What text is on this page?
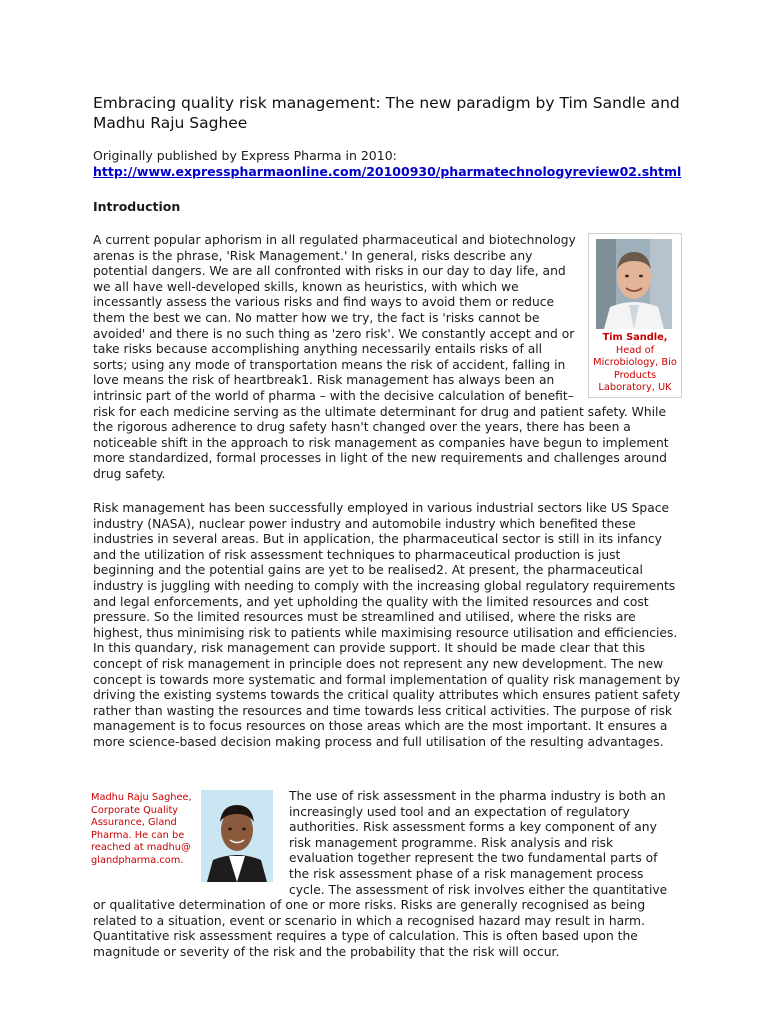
Embracing quality risk management: The new paradigm by Tim Sandle and Madhu Raju Saghee
Originally published by Express Pharma in 2010:
http://www.expresspharmaonline.com/20100930/pharmatechnologyreview02.shtml
Introduction

A current popular aphorism in all regulated pharmaceutical and biotechnology arenas is the phrase, 'Risk Management.' In general, risks describe any potential dangers. We are all confronted with risks in our day to day life, and we all have well-developed skills, known as heuristics, with which we incessantly assess the various risks and find ways to avoid them or reduce them the best we can. No matter how we try, the fact is 'risks cannot be avoided' and there is no such thing as 'zero risk'. We constantly accept and or take risks because accomplishing anything necessarily entails risks of all sorts; using any mode of transportation means the risk of accident, falling in love means the risk of heartbreak1. Risk management has always been an intrinsic part of the world of pharma – with the decisive calculation of benefit–risk for each medicine serving as the ultimate determinant for drug and patient safety. While the rigorous adherence to drug safety hasn't changed over the years, there has been a noticeable shift in the approach to risk management as companies have begun to implement more standardized, formal processes in light of the new requirements and challenges around drug safety.

Risk management has been successfully employed in various industrial sectors like US Space industry (NASA), nuclear power industry and automobile industry which benefited these industries in several areas. But in application, the pharmaceutical sector is still in its infancy and the utilization of risk assessment techniques to pharmaceutical production is just beginning and the potential gains are yet to be realised2. At present, the pharmaceutical industry is juggling with needing to comply with the increasing global regulatory requirements and legal enforcements, and yet upholding the quality with the limited resources and cost pressure. So the limited resources must be streamlined and utilised, where the risks are highest, thus minimising risk to patients while maximising resource utilisation and efficiencies. In this quandary, risk management can provide support. It should be made clear that this concept of risk management in principle does not represent any new development. The new concept is towards more systematic and formal implementation of quality risk management by driving the existing systems towards the critical quality attributes which ensures patient safety rather than wasting the resources and time towards less critical activities. The purpose of risk management is to focus resources on those areas which are the most important. It ensures a more science-based decision making process and full utilisation of the resulting advantages.

The use of risk assessment in the pharma industry is both an increasingly used tool and an expectation of regulatory authorities. Risk assessment forms a key component of any risk management programme. Risk analysis and risk evaluation together represent the two fundamental parts of the risk assessment phase of a risk management process cycle. The assessment of risk involves either the quantitative or qualitative determination of one or more risks. Risks are generally recognised as being related to a situation, event or scenario in which a recognised hazard may result in harm. Quantitative risk assessment requires a type of calculation. This is often based upon the magnitude or severity of the risk and the probability that the risk will occur.

Tim Sandle, Head of Microbiology, Bio Products Laboratory, UK
Madhu Raju Saghee, Corporate Quality Assurance, Gland Pharma. He can be reached at madhu@ glandpharma.com.
